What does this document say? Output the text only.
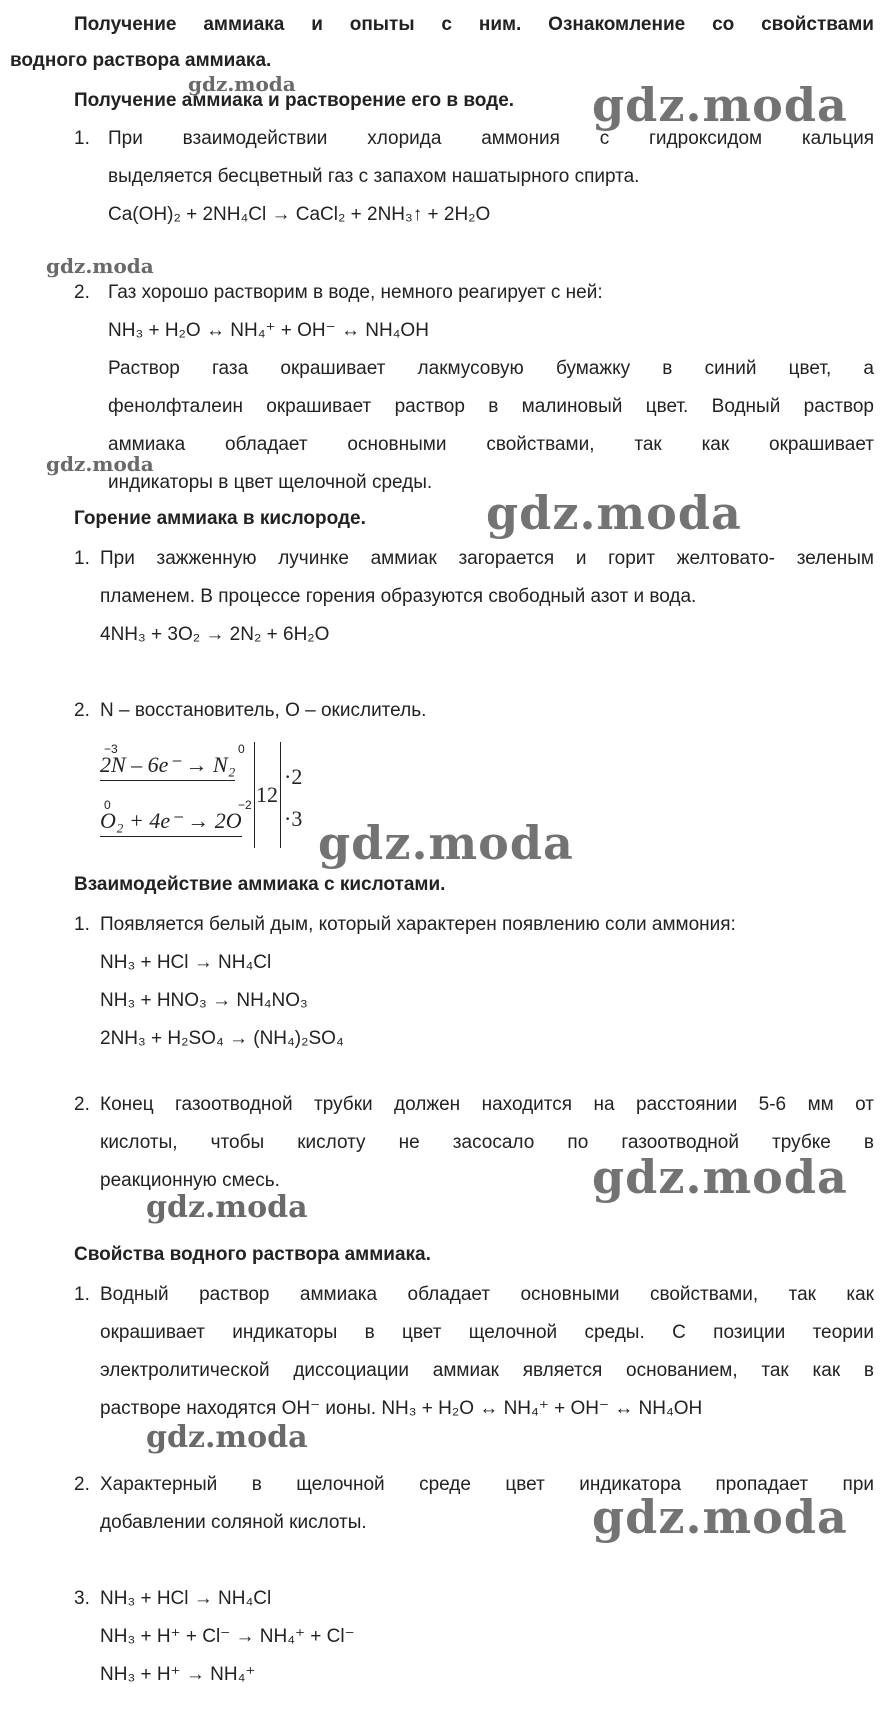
Получение аммиака и опыты с ним. Ознакомление со свойствами
водного раствора аммиака.
gdz.moda	gdz.moda
gdz.moda
gdz.moda
gdz.moda
gdz.moda
gdz.moda
gdz.moda
gdz.moda
gdz.moda
Получение аммиака и растворение его в воде.
1. При взаимодействии хлорида аммония с гидроксидом кальция
выделяется бесцветный газ с запахом нашатырного спирта.
Ca(OH)₂ + 2NH₄Cl → CaCl₂ + 2NH₃↑ + 2H₂O
2. Газ хорошо растворим в воде, немного реагирует с ней:
NH₃ + H₂O ↔ NH₄⁺ + OH⁻ ↔ NH₄OH
Раствор газа окрашивает лакмусовую бумажку в синий цвет, а
фенолфталеин окрашивает раствор в малиновый цвет. Водный раствор
аммиака обладает основными свойствами, так как окрашивает
индикаторы в цвет щелочной среды.
Горение аммиака в кислороде.
1. При зажженную лучинке аммиак загорается и горит желтовато- зеленым
пламенем. В процессе горения образуются свободный азот и вода.
4NH₃ + 3O₂ → 2N₂ + 6H₂O
2. N – восстановитель, O – окислитель.
−3	0
2N – 6e⁻ → N₂
0	−2
O₂ + 4e⁻ → 2O
12
·2
·3
Взаимодействие аммиака с кислотами.
1. Появляется белый дым, который характерен появлению соли аммония:
NH₃ + HCl → NH₄Cl
NH₃ + HNO₃ → NH₄NO₃
2NH₃ + H₂SO₄ → (NH₄)₂SO₄
2. Конец газоотводной трубки должен находится на расстоянии 5-6 мм от
кислоты, чтобы кислоту не засосало по газоотводной трубке в
реакционную смесь.
Свойства водного раствора аммиака.
1. Водный раствор аммиака обладает основными свойствами, так как
окрашивает индикаторы в цвет щелочной среды. С позиции теории
электролитической диссоциации аммиак является основанием, так как в
растворе находятся OH⁻ ионы. NH₃ + H₂O ↔ NH₄⁺ + OH⁻ ↔ NH₄OH
2. Характерный в щелочной среде цвет индикатора пропадает при
добавлении соляной кислоты.
3. NH₃ + HCl → NH₄Cl
NH₃ + H⁺ + Cl⁻ → NH₄⁺ + Cl⁻
NH₃ + H⁺ → NH₄⁺
